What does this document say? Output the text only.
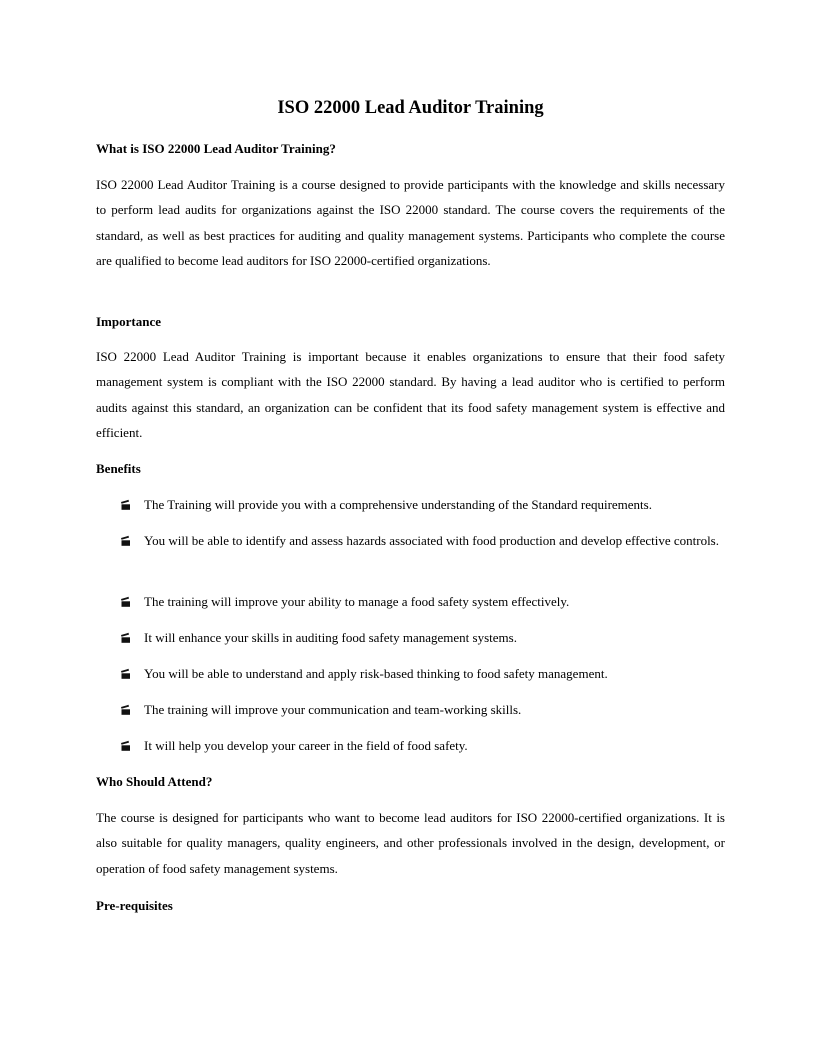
ISO 22000 Lead Auditor Training
What is ISO 22000 Lead Auditor Training?

ISO 22000 Lead Auditor Training is a course designed to provide participants with the knowledge and skills necessary to perform lead audits for organizations against the ISO 22000 standard. The course covers the requirements of the standard, as well as best practices for auditing and quality management systems. Participants who complete the course are qualified to become lead auditors for ISO 22000-certified organizations.

Importance

ISO 22000 Lead Auditor Training is important because it enables organizations to ensure that their food safety management system is compliant with the ISO 22000 standard. By having a lead auditor who is certified to perform audits against this standard, an organization can be confident that its food safety management system is effective and efficient.

Benefits
The Training will provide you with a comprehensive understanding of the Standard requirements.
You will be able to identify and assess hazards associated with food production and develop effective controls.
The training will improve your ability to manage a food safety system effectively.
It will enhance your skills in auditing food safety management systems.
You will be able to understand and apply risk-based thinking to food safety management.
The training will improve your communication and team-working skills.
It will help you develop your career in the field of food safety.
Who Should Attend?

The course is designed for participants who want to become lead auditors for ISO 22000-certified organizations. It is also suitable for quality managers, quality engineers, and other professionals involved in the design, development, or operation of food safety management systems.

Pre-requisites
